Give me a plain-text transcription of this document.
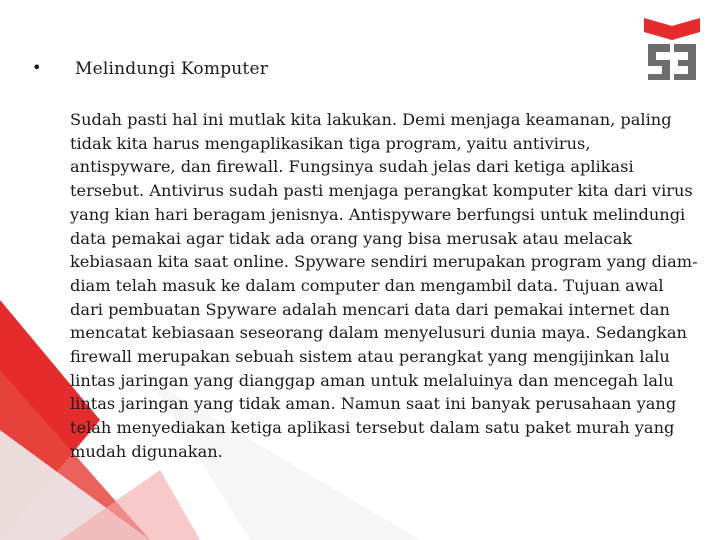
• Melindungi Komputer

Sudah pasti hal ini mutlak kita lakukan. Demi menjaga keamanan, paling tidak kita harus mengaplikasikan tiga program, yaitu antivirus, antispyware, dan firewall. Fungsinya sudah jelas dari ketiga aplikasi tersebut. Antivirus sudah pasti menjaga perangkat komputer kita dari virus yang kian hari beragam jenisnya. Antispyware berfungsi untuk melindungi data pemakai agar tidak ada orang yang bisa merusak atau melacak kebiasaan kita saat online. Spyware sendiri merupakan program yang diam-diam telah masuk ke dalam computer dan mengambil data. Tujuan awal dari pembuatan Spyware adalah mencari data dari pemakai internet dan mencatat kebiasaan seseorang dalam menyelusuri dunia maya. Sedangkan firewall merupakan sebuah sistem atau perangkat yang mengijinkan lalu lintas jaringan yang dianggap aman untuk melaluinya dan mencegah lalu lintas jaringan yang tidak aman. Namun saat ini banyak perusahaan yang telah menyediakan ketiga aplikasi tersebut dalam satu paket murah yang mudah digunakan.
